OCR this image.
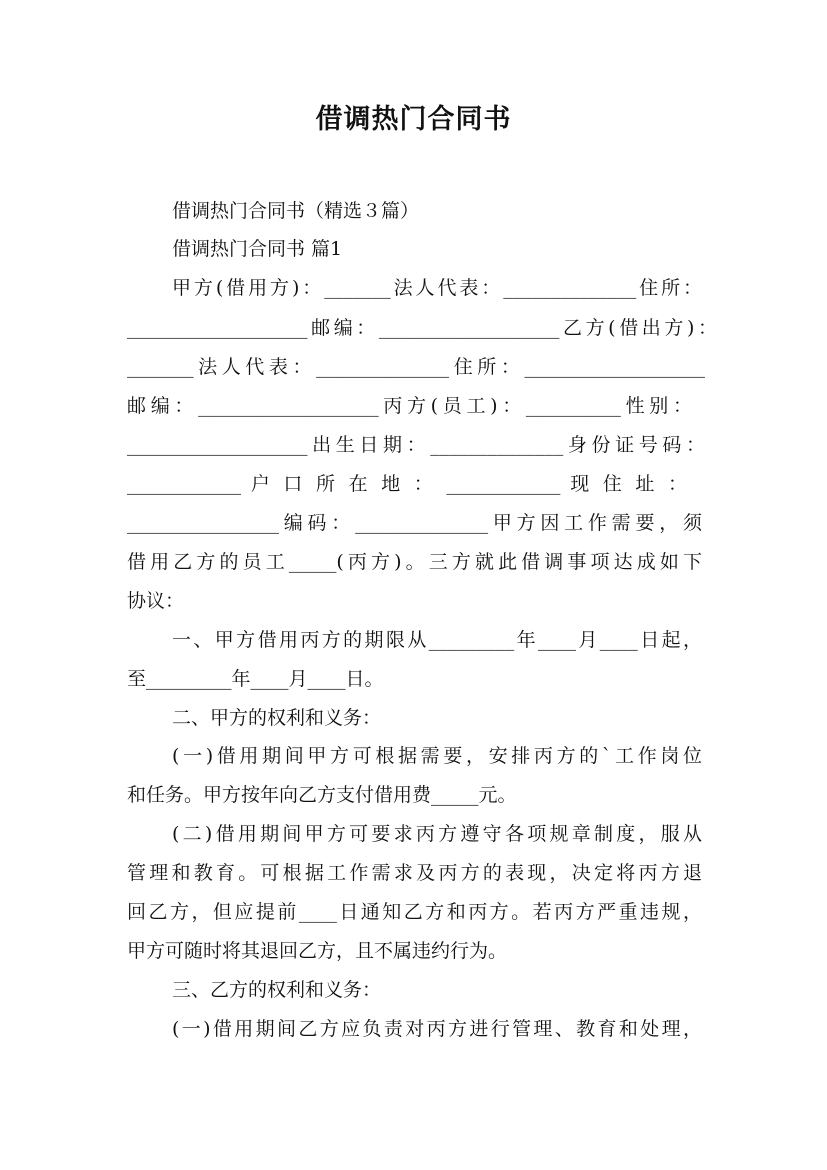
借调热门合同书
借调热门合同书（精选３篇）
借调热门合同书 篇1
甲方(借用方)：_______法人代表：______________住所：
___________________邮编：___________________乙方(借出方)：
_______法人代表：______________住所：___________________
邮编：___________________丙方(员工)：__________性别：
___________________出生日期：______________身份证号码：
____________ 户 口 所 在 地 ： ____________ 现 住 址 ：
________________编码：______________甲方因工作需要，须
借用乙方的员工_____(丙方)。三方就此借调事项达成如下
协议：
一、甲方借用丙方的期限从_________年____月____日起，
至_________年____月____日。
二、甲方的权利和义务：
(一)借用期间甲方可根据需要，安排丙方的`工作岗位
和任务。甲方按年向乙方支付借用费_____元。
(二)借用期间甲方可要求丙方遵守各项规章制度，服从
管理和教育。可根据工作需求及丙方的表现，决定将丙方退
回乙方，但应提前____日通知乙方和丙方。若丙方严重违规，
甲方可随时将其退回乙方，且不属违约行为。
三、乙方的权利和义务：
(一)借用期间乙方应负责对丙方进行管理、教育和处理，
